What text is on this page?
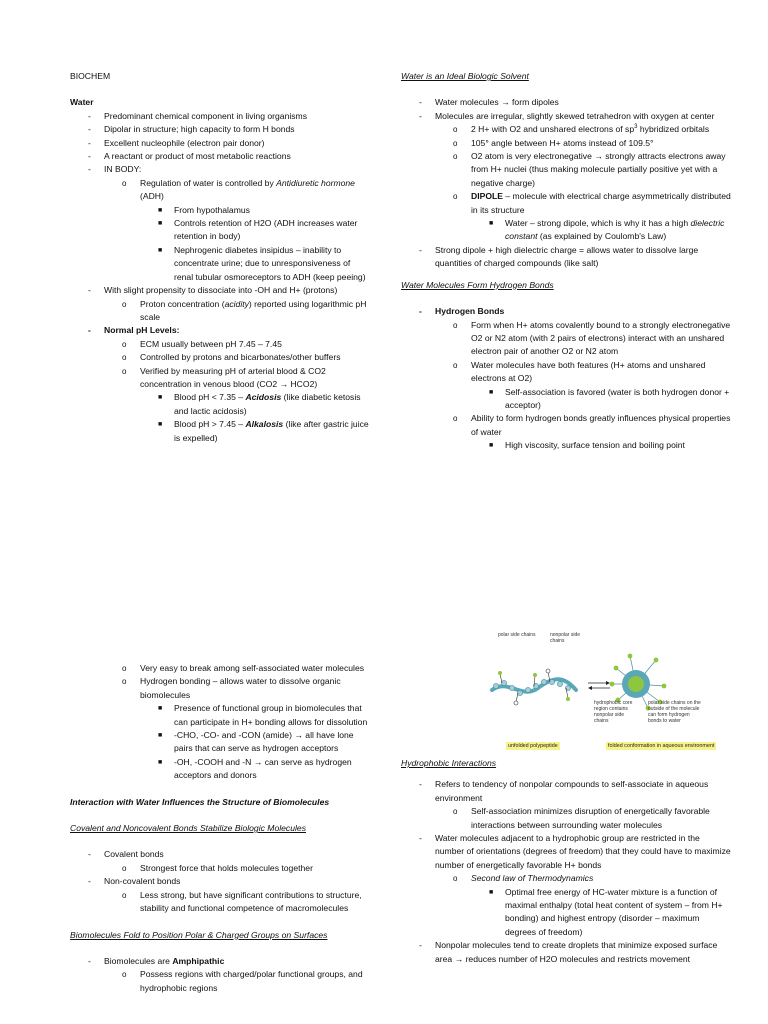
BIOCHEM

Water

- Predominant chemical component in living organisms
- Dipolar in structure; high capacity to form H bonds
- Excellent nucleophile (electron pair donor)
- A reactant or product of most metabolic reactions
- IN BODY:
o Regulation of water is controlled by Antidiuretic hormone (ADH)
■ From hypothalamus
■ Controls retention of H2O (ADH increases water retention in body)
■ Nephrogenic diabetes insipidus – inability to concentrate urine; due to unresponsiveness of renal tubular osmoreceptors to ADH (keep peeing)
- With slight propensity to dissociate into -OH and H+ (protons)
o Proton concentration (acidity) reported using logarithmic pH scale
- Normal pH Levels:
o ECM usually between pH 7.45 – 7.45
o Controlled by protons and bicarbonates/other buffers
o Verified by measuring pH of arterial blood & CO2 concentration in venous blood (CO2 → HCO2)
■ Blood pH < 7.35 – Acidosis (like diabetic ketosis and lactic acidosis)
■ Blood pH > 7.45 – Alkalosis (like after gastric juice is expelled)

Water is an Ideal Biologic Solvent

- Water molecules → form dipoles
- Molecules are irregular, slightly skewed tetrahedron with oxygen at center
o 2 H+ with O2 and unshared electrons of $sp^3$ hybridized orbitals
o 105° angle between H+ atoms instead of 109.5°
o O2 atom is very electronegative → strongly attracts electrons away from H+ nuclei (thus making molecule partially positive yet with a negative charge)
o DIPOLE – molecule with electrical charge asymmetrically distributed in its structure
■ Water – strong dipole, which is why it has a high dielectric constant (as explained by Coulomb's Law)
- Strong dipole + high dielectric charge = allows water to dissolve large quantities of charged compounds (like salt)

Water Molecules Form Hydrogen Bonds

- Hydrogen Bonds
o Form when H+ atoms covalently bound to a strongly electronegative O2 or N2 atom (with 2 pairs of electrons) interact with an unshared electron pair of another O2 or N2 atom
o Water molecules have both features (H+ atoms and unshared electrons at O2)
■ Self-association is favored (water is both hydrogen donor + acceptor)
o Ability to form hydrogen bonds greatly influences physical properties of water
■ High viscosity, surface tension and boiling point
o Very easy to break among self-associated water molecules
o Hydrogen bonding – allows water to dissolve organic biomolecules
■ Presence of functional group in biomolecules that can participate in H+ bonding allows for dissolution
■ -CHO, -CO- and -CON (amide) → all have lone pairs that can serve as hydrogen acceptors
■ -OH, -COOH and -N → can serve as hydrogen acceptors and donors

Interaction with Water Influences the Structure of Biomolecules

Covalent and Noncovalent Bonds Stabilize Biologic Molecules

- Covalent bonds
o Strongest force that holds molecules together
- Non-covalent bonds
o Less strong, but have significant contributions to structure, stability and functional competence of macromolecules

Biomolecules Fold to Position Polar & Charged Groups on Surfaces

- Biomolecules are Amphipathic
o Possess regions with charged/polar functional groups, and hydrophobic regions
polar side chains	nonpolar side chains
hydrophobic core region contains nonpolar side chains
polar side chains on the outside of the molecule can form hydrogen bonds to water
unfolded polypeptide	folded conformation in aqueous environment

Hydrophobic Interactions

- Refers to tendency of nonpolar compounds to self-associate in aqueous environment
o Self-association minimizes disruption of energetically favorable interactions between surrounding water molecules
- Water molecules adjacent to a hydrophobic group are restricted in the number of orientations (degrees of freedom) that they could have to maximize number of energetically favorable H+ bonds
o Second law of Thermodynamics
■ Optimal free energy of HC-water mixture is a function of maximal enthalpy (total heat content of system – from H+ bonding) and highest entropy (disorder – maximum degrees of freedom)
- Nonpolar molecules tend to create droplets that minimize exposed surface area → reduces number of H2O molecules and restricts movement
